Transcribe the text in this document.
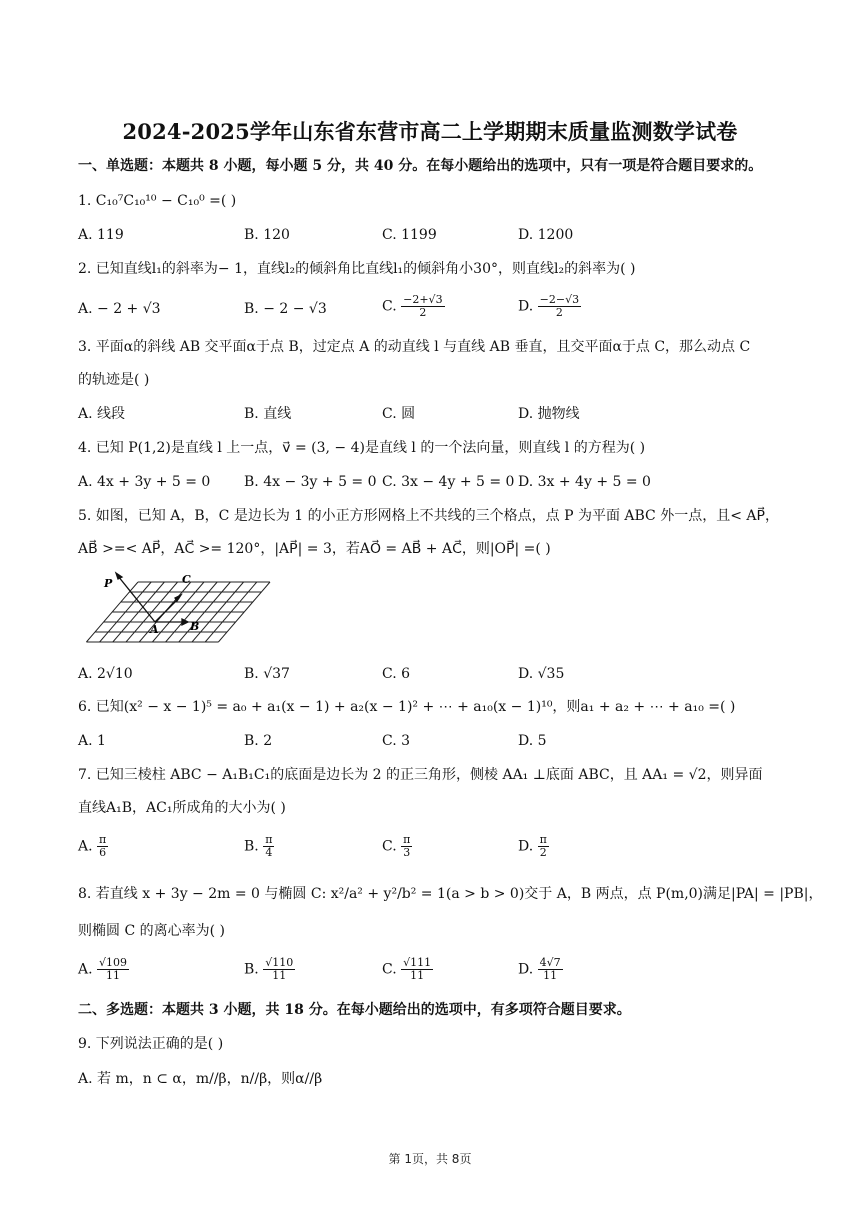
2024-2025学年山东省东营市高二上学期期末质量监测数学试卷
一、单选题：本题共 8 小题，每小题 5 分，共 40 分。在每小题给出的选项中，只有一项是符合题目要求的。
1. C₁₀⁷C₁₀¹⁰ − C₁₀⁰ =( )
A. 119	B. 120	C. 1199	D. 1200
2. 已知直线l₁的斜率为− 1，直线l₂的倾斜角比直线l₁的倾斜角小30°，则直线l₂的斜率为( )
A. − 2 + √3	B. − 2 − √3	C. $\frac{-2+√3}{2}$	D. $\frac{-2-√3}{2}$
3. 平面α的斜线 AB 交平面α于点 B，过定点 A 的动直线 l 与直线 AB 垂直，且交平面α于点 C，那么动点 C
的轨迹是( )
A. 线段	B. 直线	C. 圆	D. 抛物线
4. 已知 P(1,2)是直线 l 上一点，v⃗ = (3, − 4)是直线 l 的一个法向量，则直线 l 的方程为( )
A. 4x + 3y + 5 = 0 B. 4x − 3y + 5 = 0 C. 3x − 4y + 5 = 0 D. 3x + 4y + 5 = 0
5. 如图，已知 A，B，C 是边长为 1 的小正方形网格上不共线的三个格点，点 P 为平面 ABC 外一点，且< AP⃗，
AB⃗ >=< AP⃗，AC⃗ >= 120°，|AP⃗| = 3，若AO⃗ = AB⃗ + AC⃗，则|OP⃗| =( )
P	C
A	B
A. 2√10	B. √37	C. 6	D. √35
6. 已知(x² − x − 1)⁵ = a₀ + a₁(x − 1) + a₂(x − 1)² + ⋯ + a₁₀(x − 1)¹⁰，则a₁ + a₂ + ⋯ + a₁₀ =( )
A. 1	B. 2	C. 3	D. 5
7. 已知三棱柱 ABC − A₁B₁C₁的底面是边长为 2 的正三角形，侧棱 AA₁ ⊥底面 ABC，且 AA₁ = √2，则异面
直线A₁B，AC₁所成角的大小为( )
A. $\frac{\pi}{6}$	B. $\frac{\pi}{4}$	C. $\frac{\pi}{3}$	D. $\frac{\pi}{2}$
8. 若直线 x + 3y − 2m = 0 与椭圆 C: x²/a² + y²/b² = 1(a > b > 0)交于 A，B 两点，点 P(m,0)满足|PA| = |PB|，
则椭圆 C 的离心率为( )
A. $\frac{√109}{11}$	B. $\frac{√110}{11}$	C. $\frac{√111}{11}$	D. $\frac{4√7}{11}$
二、多选题：本题共 3 小题，共 18 分。在每小题给出的选项中，有多项符合题目要求。
9. 下列说法正确的是( )
A. 若 m，n ⊂ α，m//β，n//β，则α//β
第 1页，共 8页
